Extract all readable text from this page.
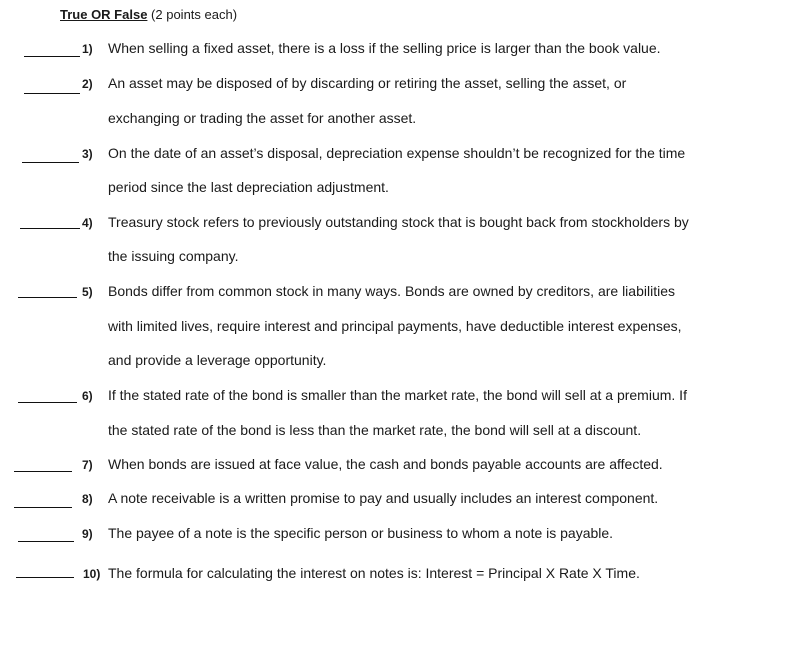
True OR False (2 points each)
1)	When selling a fixed asset, there is a loss if the selling price is larger than the book value.
2)	An asset may be disposed of by discarding or retiring the asset, selling the asset, or
exchanging or trading the asset for another asset.
3)	On the date of an asset’s disposal, depreciation expense shouldn’t be recognized for the time
period since the last depreciation adjustment.
4)	Treasury stock refers to previously outstanding stock that is bought back from stockholders by
the issuing company.
5)	Bonds differ from common stock in many ways. Bonds are owned by creditors, are liabilities
with limited lives, require interest and principal payments, have deductible interest expenses,
and provide a leverage opportunity.
6)	If the stated rate of the bond is smaller than the market rate, the bond will sell at a premium. If
the stated rate of the bond is less than the market rate, the bond will sell at a discount.
7)	When bonds are issued at face value, the cash and bonds payable accounts are affected.
8)	A note receivable is a written promise to pay and usually includes an interest component.
9)	The payee of a note is the specific person or business to whom a note is payable.
10) The formula for calculating the interest on notes is: Interest = Principal X Rate X Time.
